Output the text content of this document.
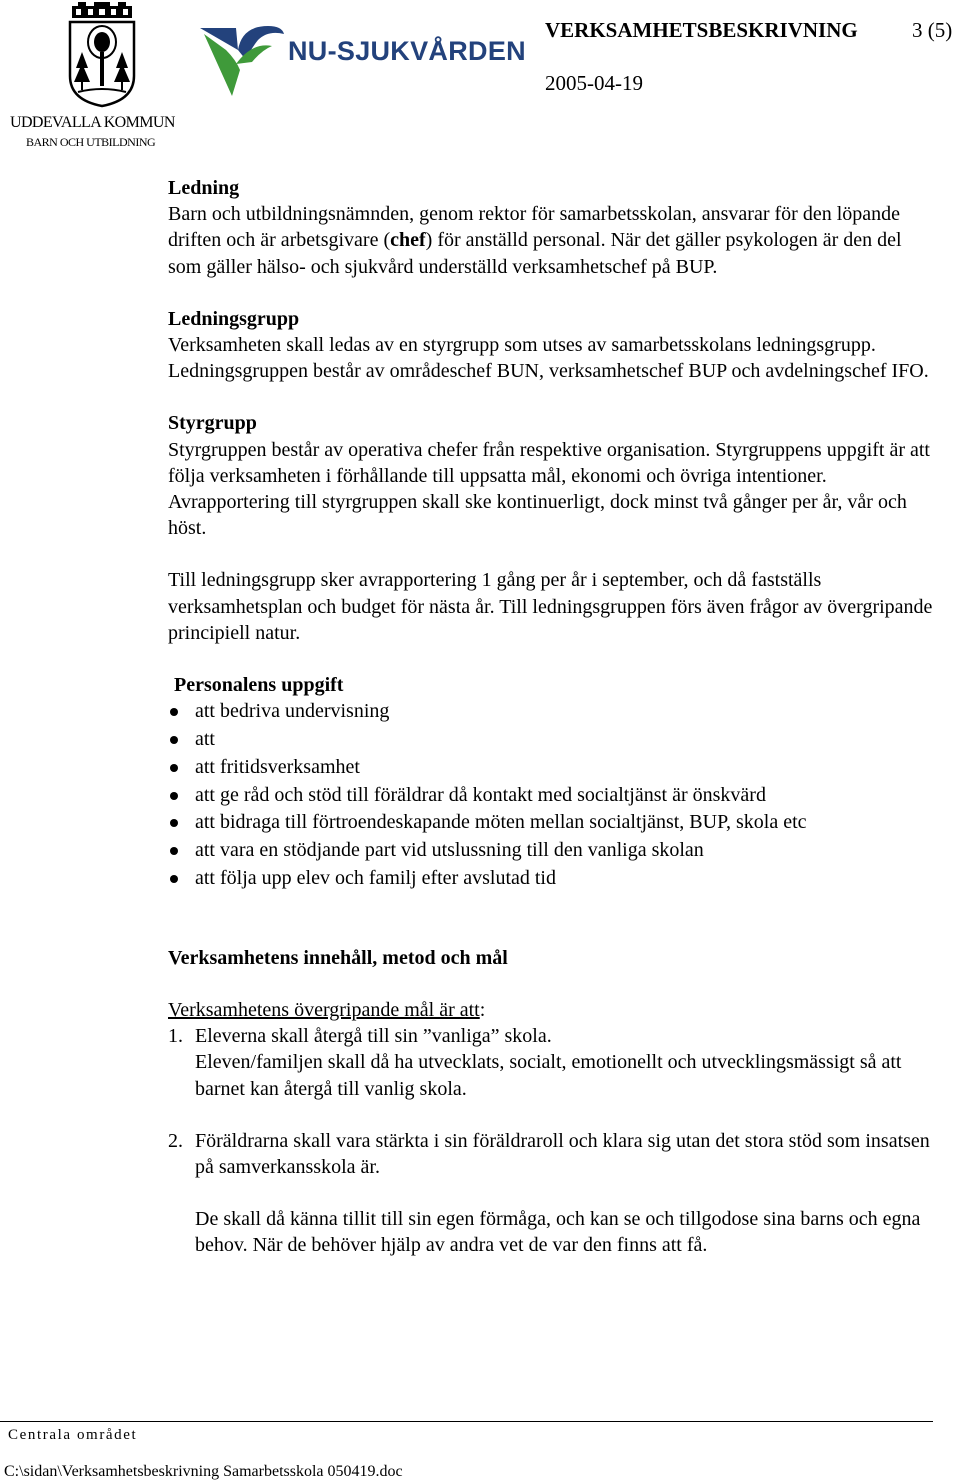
UDDEVALLA KOMMUN
BARN OCH UTBILDNING
NU-SJUKVÅRDEN
VERKSAMHETSBESKRIVNING	3 (5)
2005-04-19

Ledning

Barn och utbildningsnämnden, genom rektor för samarbetsskolan, ansvarar för den löpande driften och är arbetsgivare (chef) för anställd personal. När det gäller psykologen är den del som gäller hälso- och sjukvård underställd verksamhetschef på BUP.

Ledningsgrupp

Verksamheten skall ledas av en styrgrupp som utses av samarbetsskolans ledningsgrupp. Ledningsgruppen består av områdeschef BUN, verksamhetschef BUP och avdelningschef IFO.

Styrgrupp

Styrgruppen består av operativa chefer från respektive organisation. Styrgruppens uppgift är att följa verksamheten i förhållande till uppsatta mål, ekonomi och övriga intentioner. Avrapportering till styrgruppen skall ske kontinuerligt, dock minst två gånger per år, vår och höst.

Till ledningsgrupp sker avrapportering 1 gång per år i september, och då fastställs verksamhetsplan och budget för nästa år. Till ledningsgruppen förs även frågor av övergripande principiell natur.

Personalens uppgift

att bedriva undervisning
att
att fritidsverksamhet
att ge råd och stöd till föräldrar då kontakt med socialtjänst är önskvärd
att bidraga till förtroendeskapande möten mellan socialtjänst, BUP, skola etc
att vara en stödjande part vid utslussning till den vanliga skolan
att följa upp elev och familj efter avslutad tid

Verksamhetens innehåll, metod och mål

Verksamhetens övergripande mål är att:

1. Eleverna skall återgå till sin ”vanliga” skola.
Eleven/familjen skall då ha utvecklats, socialt, emotionellt och utvecklingsmässigt så att barnet kan återgå till vanlig skola.
2. Föräldrarna skall vara stärkta i sin föräldraroll och klara sig utan det stora stöd som insatsen på samverkansskola är.
De skall då känna tillit till sin egen förmåga, och kan se och tillgodose sina barns och egna behov. När de behöver hjälp av andra vet de var den finns att få.
Centrala området
C:\sidan\Verksamhetsbeskrivning Samarbetsskola 050419.doc
